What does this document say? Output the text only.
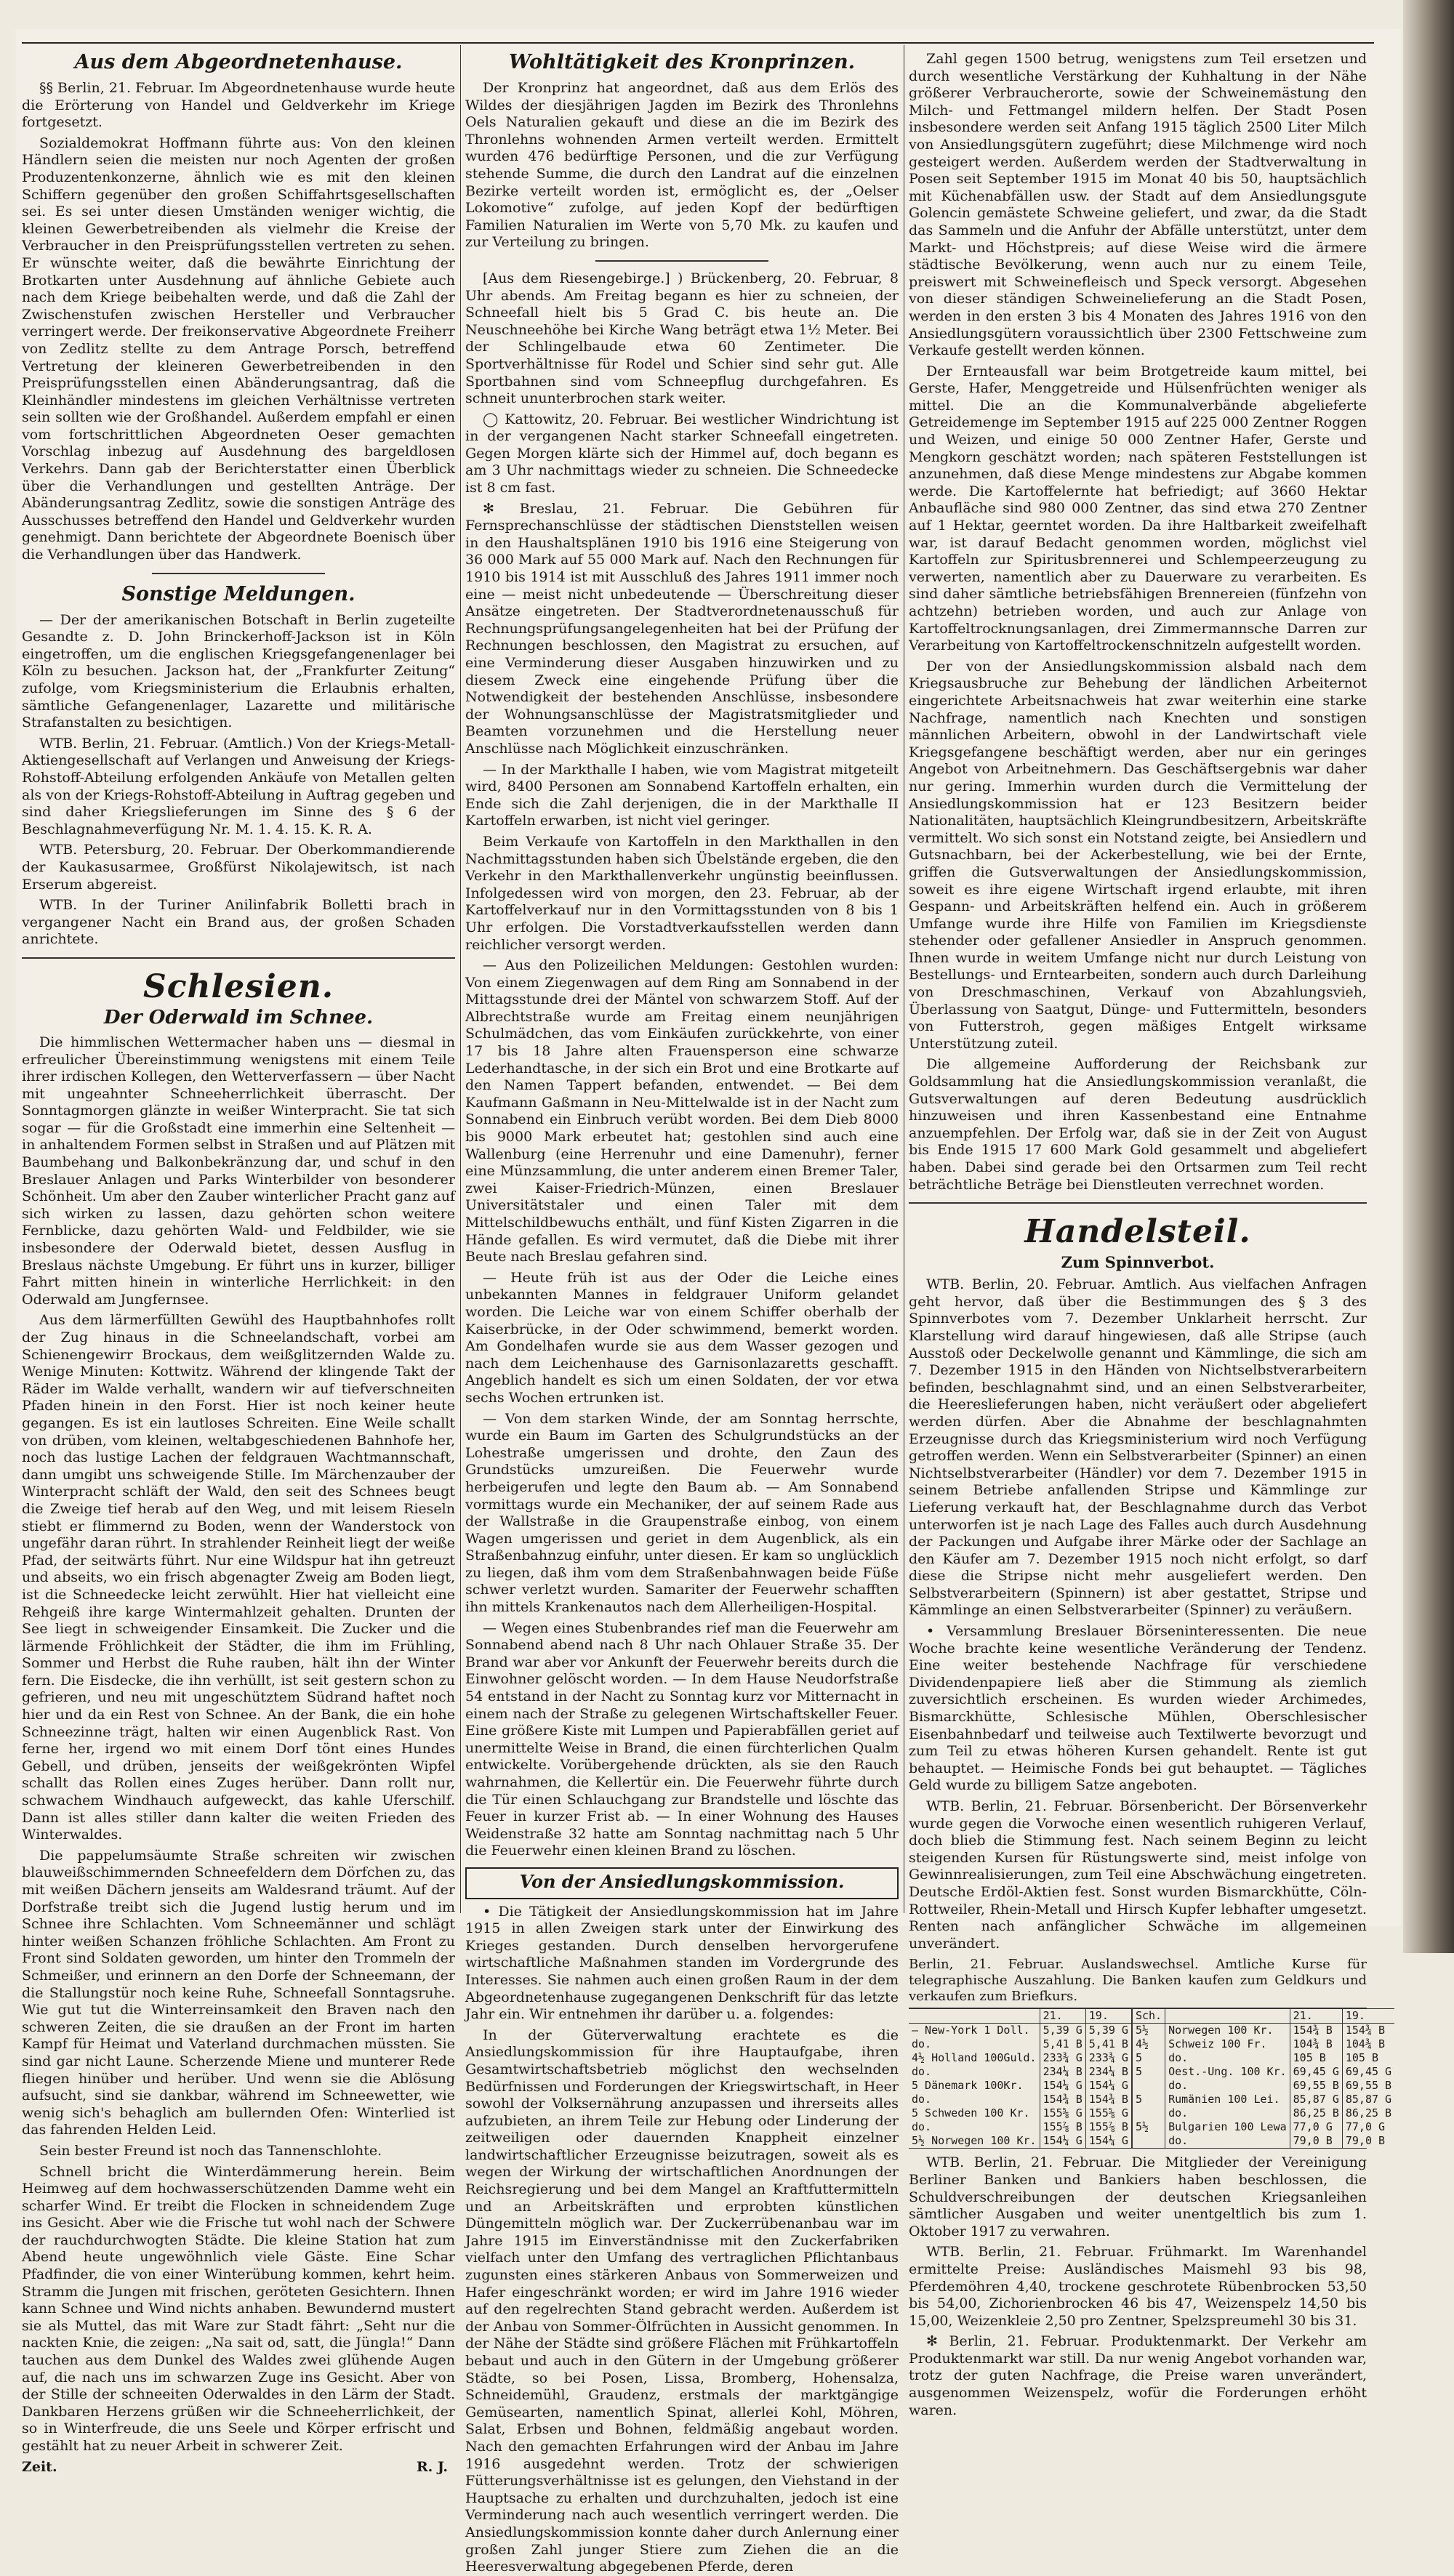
Aus dem Abgeordnetenhause.

§§ Berlin, 21. Februar. Im Abgeordnetenhause wurde heute die Erörterung von Handel und Geldverkehr im Kriege fortgesetzt.

Sozialdemokrat Hoffmann führte aus: Von den kleinen Händlern seien die meisten nur noch Agenten der großen Produzentenkonzerne, ähnlich wie es mit den kleinen Schiffern gegenüber den großen Schiffahrtsgesellschaften sei. Es sei unter diesen Umständen weniger wichtig, die kleinen Gewerbetreibenden als vielmehr die Kreise der Verbraucher in den Preisprüfungsstellen vertreten zu sehen. Er wünschte weiter, daß die bewährte Einrichtung der Brotkarten unter Ausdehnung auf ähnliche Gebiete auch nach dem Kriege beibehalten werde, und daß die Zahl der Zwischenstufen zwischen Hersteller und Verbraucher verringert werde. Der freikonservative Abgeordnete Freiherr von Zedlitz stellte zu dem Antrage Porsch, betreffend Vertretung der kleineren Gewerbetreibenden in den Preisprüfungsstellen einen Abänderungsantrag, daß die Kleinhändler mindestens im gleichen Verhältnisse vertreten sein sollten wie der Großhandel. Außerdem empfahl er einen vom fortschrittlichen Abgeordneten Oeser gemachten Vorschlag inbezug auf Ausdehnung des bargeldlosen Verkehrs. Dann gab der Berichterstatter einen Überblick über die Verhandlungen und gestellten Anträge. Der Abänderungsantrag Zedlitz, sowie die sonstigen Anträge des Ausschusses betreffend den Handel und Geldverkehr wurden genehmigt. Dann berichtete der Abgeordnete Boenisch über die Verhandlungen über das Handwerk.

Sonstige Meldungen.

— Der der amerikanischen Botschaft in Berlin zugeteilte Gesandte z. D. John Brinckerhoff-Jackson ist in Köln eingetroffen, um die englischen Kriegsgefangenenlager bei Köln zu besuchen. Jackson hat, der „Frankfurter Zeitung“ zufolge, vom Kriegsministerium die Erlaubnis erhalten, sämtliche Gefangenenlager, Lazarette und militärische Strafanstalten zu besichtigen.

WTB. Berlin, 21. Februar. (Amtlich.) Von der Kriegs-Metall-Aktiengesellschaft auf Verlangen und Anweisung der Kriegs-Rohstoff-Abteilung erfolgenden Ankäufe von Metallen gelten als von der Kriegs-Rohstoff-Abteilung in Auftrag gegeben und sind daher Kriegslieferungen im Sinne des § 6 der Beschlagnahmeverfügung Nr. M. 1. 4. 15. K. R. A.

WTB. Petersburg, 20. Februar. Der Oberkommandierende der Kaukasusarmee, Großfürst Nikolajewitsch, ist nach Erserum abgereist.

WTB. In der Turiner Anilinfabrik Bolletti brach in vergangener Nacht ein Brand aus, der großen Schaden anrichtete.

Schlesien.
Der Oderwald im Schnee.

Die himmlischen Wettermacher haben uns — diesmal in erfreulicher Übereinstimmung wenigstens mit einem Teile ihrer irdischen Kollegen, den Wetterverfassern — über Nacht mit ungeahnter Schneeherrlichkeit überrascht. Der Sonntagmorgen glänzte in weißer Winterpracht. Sie tat sich sogar — für die Großstadt eine immerhin eine Seltenheit — in anhaltendem Formen selbst in Straßen und auf Plätzen mit Baumbehang und Balkonbekränzung dar, und schuf in den Breslauer Anlagen und Parks Winterbilder von besonderer Schönheit. Um aber den Zauber winterlicher Pracht ganz auf sich wirken zu lassen, dazu gehörten schon weitere Fernblicke, dazu gehörten Wald- und Feldbilder, wie sie insbesondere der Oderwald bietet, dessen Ausflug in Breslaus nächste Umgebung. Er führt uns in kurzer, billiger Fahrt mitten hinein in winterliche Herrlichkeit: in den Oderwald am Jungfernsee.

Aus dem lärmerfüllten Gewühl des Hauptbahnhofes rollt der Zug hinaus in die Schneelandschaft, vorbei am Schienengewirr Brockaus, dem weißglitzernden Walde zu. Wenige Minuten: Kottwitz. Während der klingende Takt der Räder im Walde verhallt, wandern wir auf tiefverschneiten Pfaden hinein in den Forst. Hier ist noch keiner heute gegangen. Es ist ein lautloses Schreiten. Eine Weile schallt von drüben, vom kleinen, weltabgeschiedenen Bahnhofe her, noch das lustige Lachen der feldgrauen Wachtmannschaft, dann umgibt uns schweigende Stille. Im Märchenzauber der Winterpracht schläft der Wald, den seit des Schnees beugt die Zweige tief herab auf den Weg, und mit leisem Rieseln stiebt er flimmernd zu Boden, wenn der Wanderstock von ungefähr daran rührt. In strahlender Reinheit liegt der weiße Pfad, der seitwärts führt. Nur eine Wildspur hat ihn getreuzt und abseits, wo ein frisch abgenagter Zweig am Boden liegt, ist die Schneedecke leicht zerwühlt. Hier hat vielleicht eine Rehgeiß ihre karge Wintermahlzeit gehalten. Drunten der See liegt in schweigender Einsamkeit. Die Zucker und die lärmende Fröhlichkeit der Städter, die ihm im Frühling, Sommer und Herbst die Ruhe rauben, hält ihn der Winter fern. Die Eisdecke, die ihn verhüllt, ist seit gestern schon zu gefrieren, und neu mit ungeschütztem Südrand haftet noch hier und da ein Rest von Schnee. An der Bank, die ein hohe Schneezinne trägt, halten wir einen Augenblick Rast. Von ferne her, irgend wo mit einem Dorf tönt eines Hundes Gebell, und drüben, jenseits der weißgekrönten Wipfel schallt das Rollen eines Zuges herüber. Dann rollt nur, schwachem Windhauch aufgeweckt, das kahle Uferschilf. Dann ist alles stiller dann kalter die weiten Frieden des Winterwaldes.

Die pappelumsäumte Straße schreiten wir zwischen blauweißschimmernden Schneefeldern dem Dörfchen zu, das mit weißen Dächern jenseits am Waldesrand träumt. Auf der Dorfstraße treibt sich die Jugend lustig herum und im Schnee ihre Schlachten. Vom Schneemänner und schlägt hinter weißen Schanzen fröhliche Schlachten. Am Front zu Front sind Soldaten geworden, um hinter den Trommeln der Schmeißer, und erinnern an den Dorfe der Schneemann, der die Stallungstür noch keine Ruhe, Schneefall Sonntagsruhe. Wie gut tut die Winterreinsamkeit den Braven nach den schweren Zeiten, die sie draußen an der Front im harten Kampf für Heimat und Vaterland durchmachen müssten. Sie sind gar nicht Laune. Scherzende Miene und munterer Rede fliegen hinüber und herüber. Und wenn sie die Ablösung aufsucht, sind sie dankbar, während im Schneewetter, wie wenig sich's behaglich am bullernden Ofen: Winterlied ist das fahrenden Helden Leid.

Sein bester Freund ist noch das Tannenschlohte.

Schnell bricht die Winterdämmerung herein. Beim Heimweg auf dem hochwasserschützenden Damme weht ein scharfer Wind. Er treibt die Flocken in schneidendem Zuge ins Gesicht. Aber wie die Frische tut wohl nach der Schwere der rauchdurchwogten Städte. Die kleine Station hat zum Abend heute ungewöhnlich viele Gäste. Eine Schar Pfadfinder, die von einer Winterübung kommen, kehrt heim. Stramm die Jungen mit frischen, geröteten Gesichtern. Ihnen kann Schnee und Wind nichts anhaben. Bewundernd mustert sie als Muttel, das mit Ware zur Stadt fährt: „Seht nur die nackten Knie, die zeigen: „Na sait od, satt, die Jüngla!“ Dann tauchen aus dem Dunkel des Waldes zwei glühende Augen auf, die nach uns im schwarzen Zuge ins Gesicht. Aber von der Stille der schneeiten Oderwaldes in den Lärm der Stadt. Dankbaren Herzens grüßen wir die Schneeherrlichkeit, der so in Winterfreude, die uns Seele und Körper erfrischt und gestählt hat zu neuer Arbeit in schwerer Zeit.

Zeit.	R. J.
Wohltätigkeit des Kronprinzen.

Der Kronprinz hat angeordnet, daß aus dem Erlös des Wildes der diesjährigen Jagden im Bezirk des Thronlehns Oels Naturalien gekauft und diese an die im Bezirk des Thronlehns wohnenden Armen verteilt werden. Ermittelt wurden 476 bedürftige Personen, und die zur Verfügung stehende Summe, die durch den Landrat auf die einzelnen Bezirke verteilt worden ist, ermöglicht es, der „Oelser Lokomotive“ zufolge, auf jeden Kopf der bedürftigen Familien Naturalien im Werte von 5,70 Mk. zu kaufen und zur Verteilung zu bringen.

[Aus dem Riesengebirge.] ) Brückenberg, 20. Februar, 8 Uhr abends. Am Freitag begann es hier zu schneien, der Schneefall hielt bis 5 Grad C. bis heute an. Die Neuschneehöhe bei Kirche Wang beträgt etwa 1½ Meter. Bei der Schlingelbaude etwa 60 Zentimeter. Die Sportverhältnisse für Rodel und Schier sind sehr gut. Alle Sportbahnen sind vom Schneepflug durchgefahren. Es schneit ununterbrochen stark weiter.

◯ Kattowitz, 20. Februar. Bei westlicher Windrichtung ist in der vergangenen Nacht starker Schneefall eingetreten. Gegen Morgen klärte sich der Himmel auf, doch begann es am 3 Uhr nachmittags wieder zu schneien. Die Schneedecke ist 8 cm fast.

✻ Breslau, 21. Februar. Die Gebühren für Fernsprechanschlüsse der städtischen Dienststellen weisen in den Haushaltsplänen 1910 bis 1916 eine Steigerung von 36 000 Mark auf 55 000 Mark auf. Nach den Rechnungen für 1910 bis 1914 ist mit Ausschluß des Jahres 1911 immer noch eine — meist nicht unbedeutende — Überschreitung dieser Ansätze eingetreten. Der Stadtverordnetenausschuß für Rechnungsprüfungsangelegenheiten hat bei der Prüfung der Rechnungen beschlossen, den Magistrat zu ersuchen, auf eine Verminderung dieser Ausgaben hinzuwirken und zu diesem Zweck eine eingehende Prüfung über die Notwendigkeit der bestehenden Anschlüsse, insbesondere der Wohnungsanschlüsse der Magistratsmitglieder und Beamten vorzunehmen und die Herstellung neuer Anschlüsse nach Möglichkeit einzuschränken.

— In der Markthalle I haben, wie vom Magistrat mitgeteilt wird, 8400 Personen am Sonnabend Kartoffeln erhalten, ein Ende sich die Zahl derjenigen, die in der Markthalle II Kartoffeln erwarben, ist nicht viel geringer.

Beim Verkaufe von Kartoffeln in den Markthallen in den Nachmittagsstunden haben sich Übelstände ergeben, die den Verkehr in den Markthallenverkehr ungünstig beeinflussen. Infolgedessen wird von morgen, den 23. Februar, ab der Kartoffelverkauf nur in den Vormittagsstunden von 8 bis 1 Uhr erfolgen. Die Vorstadtverkaufsstellen werden dann reichlicher versorgt werden.

— Aus den Polizeilichen Meldungen: Gestohlen wurden: Von einem Ziegenwagen auf dem Ring am Sonnabend in der Mittagsstunde drei der Mäntel von schwarzem Stoff. Auf der Albrechtstraße wurde am Freitag einem neunjährigen Schulmädchen, das vom Einkäufen zurückkehrte, von einer 17 bis 18 Jahre alten Frauensperson eine schwarze Lederhandtasche, in der sich ein Brot und eine Brotkarte auf den Namen Tappert befanden, entwendet. — Bei dem Kaufmann Gaßmann in Neu-Mittelwalde ist in der Nacht zum Sonnabend ein Einbruch verübt worden. Bei dem Dieb 8000 bis 9000 Mark erbeutet hat; gestohlen sind auch eine Wallenburg (eine Herrenuhr und eine Damenuhr), ferner eine Münzsammlung, die unter anderem einen Bremer Taler, zwei Kaiser-Friedrich-Münzen, einen Breslauer Universitätstaler und einen Taler mit dem Mittelschildbewuchs enthält, und fünf Kisten Zigarren in die Hände gefallen. Es wird vermutet, daß die Diebe mit ihrer Beute nach Breslau gefahren sind.

— Heute früh ist aus der Oder die Leiche eines unbekannten Mannes in feldgrauer Uniform gelandet worden. Die Leiche war von einem Schiffer oberhalb der Kaiserbrücke, in der Oder schwimmend, bemerkt worden. Am Gondelhafen wurde sie aus dem Wasser gezogen und nach dem Leichenhause des Garnisonlazaretts geschafft. Angeblich handelt es sich um einen Soldaten, der vor etwa sechs Wochen ertrunken ist.

— Von dem starken Winde, der am Sonntag herrschte, wurde ein Baum im Garten des Schulgrundstücks an der Lohestraße umgerissen und drohte, den Zaun des Grundstücks umzureißen. Die Feuerwehr wurde herbeigerufen und legte den Baum ab. — Am Sonnabend vormittags wurde ein Mechaniker, der auf seinem Rade aus der Wallstraße in die Graupenstraße einbog, von einem Wagen umgerissen und geriet in dem Augenblick, als ein Straßenbahnzug einfuhr, unter diesen. Er kam so unglücklich zu liegen, daß ihm vom dem Straßenbahnwagen beide Füße schwer verletzt wurden. Samariter der Feuerwehr schafften ihn mittels Krankenautos nach dem Allerheiligen-Hospital.

— Wegen eines Stubenbrandes rief man die Feuerwehr am Sonnabend abend nach 8 Uhr nach Ohlauer Straße 35. Der Brand war aber vor Ankunft der Feuerwehr bereits durch die Einwohner gelöscht worden. — In dem Hause Neudorfstraße 54 entstand in der Nacht zu Sonntag kurz vor Mitternacht in einem nach der Straße zu gelegenen Wirtschaftskeller Feuer. Eine größere Kiste mit Lumpen und Papierabfällen geriet auf unermittelte Weise in Brand, die einen fürchterlichen Qualm entwickelte. Vorübergehende drückten, als sie den Rauch wahrnahmen, die Kellertür ein. Die Feuerwehr führte durch die Tür einen Schlauchgang zur Brandstelle und löschte das Feuer in kurzer Frist ab. — In einer Wohnung des Hauses Weidenstraße 32 hatte am Sonntag nachmittag nach 5 Uhr die Feuerwehr einen kleinen Brand zu löschen.

Von der Ansiedlungskommission.

• Die Tätigkeit der Ansiedlungskommission hat im Jahre 1915 in allen Zweigen stark unter der Einwirkung des Krieges gestanden. Durch denselben hervorgerufene wirtschaftliche Maßnahmen standen im Vordergrunde des Interesses. Sie nahmen auch einen großen Raum in der dem Abgeordnetenhause zugegangenen Denkschrift für das letzte Jahr ein. Wir entnehmen ihr darüber u. a. folgendes:

In der Güterverwaltung erachtete es die Ansiedlungskommission für ihre Hauptaufgabe, ihren Gesamtwirtschaftsbetrieb möglichst den wechselnden Bedürfnissen und Forderungen der Kriegswirtschaft, in Heer sowohl der Volksernährung anzupassen und ihrerseits alles aufzubieten, an ihrem Teile zur Hebung oder Linderung der zeitweiligen oder dauernden Knappheit einzelner landwirtschaftlicher Erzeugnisse beizutragen, soweit als es wegen der Wirkung der wirtschaftlichen Anordnungen der Reichsregierung und bei dem Mangel an Kraftfuttermitteln und an Arbeitskräften und erprobten künstlichen Düngemitteln möglich war. Der Zuckerrübenanbau war im Jahre 1915 im Einverständnisse mit den Zuckerfabriken vielfach unter den Umfang des vertraglichen Pflichtanbaus zugunsten eines stärkeren Anbaus von Sommerweizen und Hafer eingeschränkt worden; er wird im Jahre 1916 wieder auf den regelrechten Stand gebracht werden. Außerdem ist der Anbau von Sommer-Ölfrüchten in Aussicht genommen. In der Nähe der Städte sind größere Flächen mit Frühkartoffeln bebaut und auch in den Gütern in der Umgebung größerer Städte, so bei Posen, Lissa, Bromberg, Hohensalza, Schneidemühl, Graudenz, erstmals der marktgängige Gemüsearten, namentlich Spinat, allerlei Kohl, Möhren, Salat, Erbsen und Bohnen, feldmäßig angebaut worden. Nach den gemachten Erfahrungen wird der Anbau im Jahre 1916 ausgedehnt werden. Trotz der schwierigen Fütterungsverhältnisse ist es gelungen, den Viehstand in der Hauptsache zu erhalten und durchzuhalten, jedoch ist eine Verminderung nach auch wesentlich verringert werden. Die Ansiedlungskommission konnte daher durch Anlernung einer großen Zahl junger Stiere zum Ziehen die an die Heeresverwaltung abgegebenen Pferde, deren

Zahl gegen 1500 betrug, wenigstens zum Teil ersetzen und durch wesentliche Verstärkung der Kuhhaltung in der Nähe größerer Verbraucherorte, sowie der Schweinemästung den Milch- und Fettmangel mildern helfen. Der Stadt Posen insbesondere werden seit Anfang 1915 täglich 2500 Liter Milch von Ansiedlungsgütern zugeführt; diese Milchmenge wird noch gesteigert werden. Außerdem werden der Stadtverwaltung in Posen seit September 1915 im Monat 40 bis 50, hauptsächlich mit Küchenabfällen usw. der Stadt auf dem Ansiedlungsgute Golencin gemästete Schweine geliefert, und zwar, da die Stadt das Sammeln und die Anfuhr der Abfälle unterstützt, unter dem Markt- und Höchstpreis; auf diese Weise wird die ärmere städtische Bevölkerung, wenn auch nur zu einem Teile, preiswert mit Schweinefleisch und Speck versorgt. Abgesehen von dieser ständigen Schweinelieferung an die Stadt Posen, werden in den ersten 3 bis 4 Monaten des Jahres 1916 von den Ansiedlungsgütern voraussichtlich über 2300 Fettschweine zum Verkaufe gestellt werden können.

Der Ernteausfall war beim Brotgetreide kaum mittel, bei Gerste, Hafer, Menggetreide und Hülsenfrüchten weniger als mittel. Die an die Kommunalverbände abgelieferte Getreidemenge im September 1915 auf 225 000 Zentner Roggen und Weizen, und einige 50 000 Zentner Hafer, Gerste und Mengkorn geschätzt worden; nach späteren Feststellungen ist anzunehmen, daß diese Menge mindestens zur Abgabe kommen werde. Die Kartoffelernte hat befriedigt; auf 3660 Hektar Anbaufläche sind 980 000 Zentner, das sind etwa 270 Zentner auf 1 Hektar, geerntet worden. Da ihre Haltbarkeit zweifelhaft war, ist darauf Bedacht genommen worden, möglichst viel Kartoffeln zur Spiritusbrennerei und Schlempeerzeugung zu verwerten, namentlich aber zu Dauerware zu verarbeiten. Es sind daher sämtliche betriebsfähigen Brennereien (fünfzehn von achtzehn) betrieben worden, und auch zur Anlage von Kartoffeltrocknungsanlagen, drei Zimmermannsche Darren zur Verarbeitung von Kartoffeltrockenschnitzeln aufgestellt worden.

Der von der Ansiedlungskommission alsbald nach dem Kriegsausbruche zur Behebung der ländlichen Arbeiternot eingerichtete Arbeitsnachweis hat zwar weiterhin eine starke Nachfrage, namentlich nach Knechten und sonstigen männlichen Arbeitern, obwohl in der Landwirtschaft viele Kriegsgefangene beschäftigt werden, aber nur ein geringes Angebot von Arbeitnehmern. Das Geschäftsergebnis war daher nur gering. Immerhin wurden durch die Vermittelung der Ansiedlungskommission hat er 123 Besitzern beider Nationalitäten, hauptsächlich Kleingrundbesitzern, Arbeitskräfte vermittelt. Wo sich sonst ein Notstand zeigte, bei Ansiedlern und Gutsnachbarn, bei der Ackerbestellung, wie bei der Ernte, griffen die Gutsverwaltungen der Ansiedlungskommission, soweit es ihre eigene Wirtschaft irgend erlaubte, mit ihren Gespann- und Arbeitskräften helfend ein. Auch in größerem Umfange wurde ihre Hilfe von Familien im Kriegsdienste stehender oder gefallener Ansiedler in Anspruch genommen. Ihnen wurde in weitem Umfange nicht nur durch Leistung von Bestellungs- und Erntearbeiten, sondern auch durch Darleihung von Dreschmaschinen, Verkauf von Abzahlungsvieh, Überlassung von Saatgut, Dünge- und Futtermitteln, besonders von Futterstroh, gegen mäßiges Entgelt wirksame Unterstützung zuteil.

Die allgemeine Aufforderung der Reichsbank zur Goldsammlung hat die Ansiedlungskommission veranlaßt, die Gutsverwaltungen auf deren Bedeutung ausdrücklich hinzuweisen und ihren Kassenbestand eine Entnahme anzuempfehlen. Der Erfolg war, daß sie in der Zeit von August bis Ende 1915 17 600 Mark Gold gesammelt und abgeliefert haben. Dabei sind gerade bei den Ortsarmen zum Teil recht beträchtliche Beträge bei Dienstleuten verrechnet worden.

Handelsteil.
Zum Spinnverbot.

WTB. Berlin, 20. Februar. Amtlich. Aus vielfachen Anfragen geht hervor, daß über die Bestimmungen des § 3 des Spinnverbotes vom 7. Dezember Unklarheit herrscht. Zur Klarstellung wird darauf hingewiesen, daß alle Stripse (auch Ausstoß oder Deckelwolle genannt und Kämmlinge, die sich am 7. Dezember 1915 in den Händen von Nichtselbstverarbeitern befinden, beschlagnahmt sind, und an einen Selbstverarbeiter, die Heereslieferungen haben, nicht veräußert oder abgeliefert werden dürfen. Aber die Abnahme der beschlagnahmten Erzeugnisse durch das Kriegsministerium wird noch Verfügung getroffen werden. Wenn ein Selbstverarbeiter (Spinner) an einen Nichtselbstverarbeiter (Händler) vor dem 7. Dezember 1915 in seinem Betriebe anfallenden Stripse und Kämmlinge zur Lieferung verkauft hat, der Beschlagnahme durch das Verbot unterworfen ist je nach Lage des Falles auch durch Ausdehnung der Packungen und Aufgabe ihrer Märke oder der Sachlage an den Käufer am 7. Dezember 1915 noch nicht erfolgt, so darf diese die Stripse nicht mehr ausgeliefert werden. Den Selbstverarbeitern (Spinnern) ist aber gestattet, Stripse und Kämmlinge an einen Selbstverarbeiter (Spinner) zu veräußern.

• Versammlung Breslauer Börseninteressenten. Die neue Woche brachte keine wesentliche Veränderung der Tendenz. Eine weiter bestehende Nachfrage für verschiedene Dividendenpapiere ließ aber die Stimmung als ziemlich zuversichtlich erscheinen. Es wurden wieder Archimedes, Bismarckhütte, Schlesische Mühlen, Oberschlesischer Eisenbahnbedarf und teilweise auch Textilwerte bevorzugt und zum Teil zu etwas höheren Kursen gehandelt. Rente ist gut behauptet. — Heimische Fonds bei gut behauptet. — Tägliches Geld wurde zu billigem Satze angeboten.

WTB. Berlin, 21. Februar. Börsenbericht. Der Börsenverkehr wurde gegen die Vorwoche einen wesentlich ruhigeren Verlauf, doch blieb die Stimmung fest. Nach seinem Beginn zu leicht steigenden Kursen für Rüstungswerte sind, meist infolge von Gewinnrealisierungen, zum Teil eine Abschwächung eingetreten. Deutsche Erdöl-Aktien fest. Sonst wurden Bismarckhütte, Cöln-Rottweiler, Rhein-Metall und Hirsch Kupfer lebhafter umgesetzt. Renten nach anfänglicher Schwäche im allgemeinen unverändert.

Berlin, 21. Februar. Auslandswechsel. Amtliche Kurse für telegraphische Auszahlung. Die Banken kaufen zum Geldkurs und verkaufen zum Briefkurs.
	21.	19.
— New-York 1 Doll.	5,39 G	5,39 G
do.	5,41 B	5,41 B
4½ Holland 100Guld.	233¾ G	233¾ G
do.	234¼ B	234¼ B
5 Dänemark 100Kr.	154¼ G	154¼ G
do.	154¾ B	154¾ B
5 Schweden 100 Kr.	155⅝ G	155⅝ G
do.	155⅞ B	155⅞ B
5½ Norwegen 100 Kr.	154¼ G	154¼ G
Sch.		21.	19.
5½	Norwegen 100 Kr.	154¾ B	154¾ B
4½	Schweiz 100 Fr.	104¾ B	104¾ B
5	do.	105 B	105 B
5	Oest.-Ung. 100 Kr.	69,45 G	69,45 G
	do.	69,55 B	69,55 B
5	Rumänien 100 Lei.	85,87 G	85,87 G
	do.	86,25 B	86,25 B
5½	Bulgarien 100 Lewa	77,0 G	77,0 G
	do.	79,0 B	79,0 B

WTB. Berlin, 21. Februar. Die Mitglieder der Vereinigung Berliner Banken und Bankiers haben beschlossen, die Schuldverschreibungen der deutschen Kriegsanleihen sämtlicher Ausgaben und weiter unentgeltlich bis zum 1. Oktober 1917 zu verwahren.

WTB. Berlin, 21. Februar. Frühmarkt. Im Warenhandel ermittelte Preise: Ausländisches Maismehl 93 bis 98, Pferdemöhren 4,40, trockene geschrotete Rübenbrocken 53,50 bis 54,00, Zichorienbrocken 46 bis 47, Weizenspelz 14,50 bis 15,00, Weizenkleie 2,50 pro Zentner, Spelzspreumehl 30 bis 31.

✻ Berlin, 21. Februar. Produktenmarkt. Der Verkehr am Produktenmarkt war still. Da nur wenig Angebot vorhanden war, trotz der guten Nachfrage, die Preise waren unverändert, ausgenommen Weizenspelz, wofür die Forderungen erhöht waren.
